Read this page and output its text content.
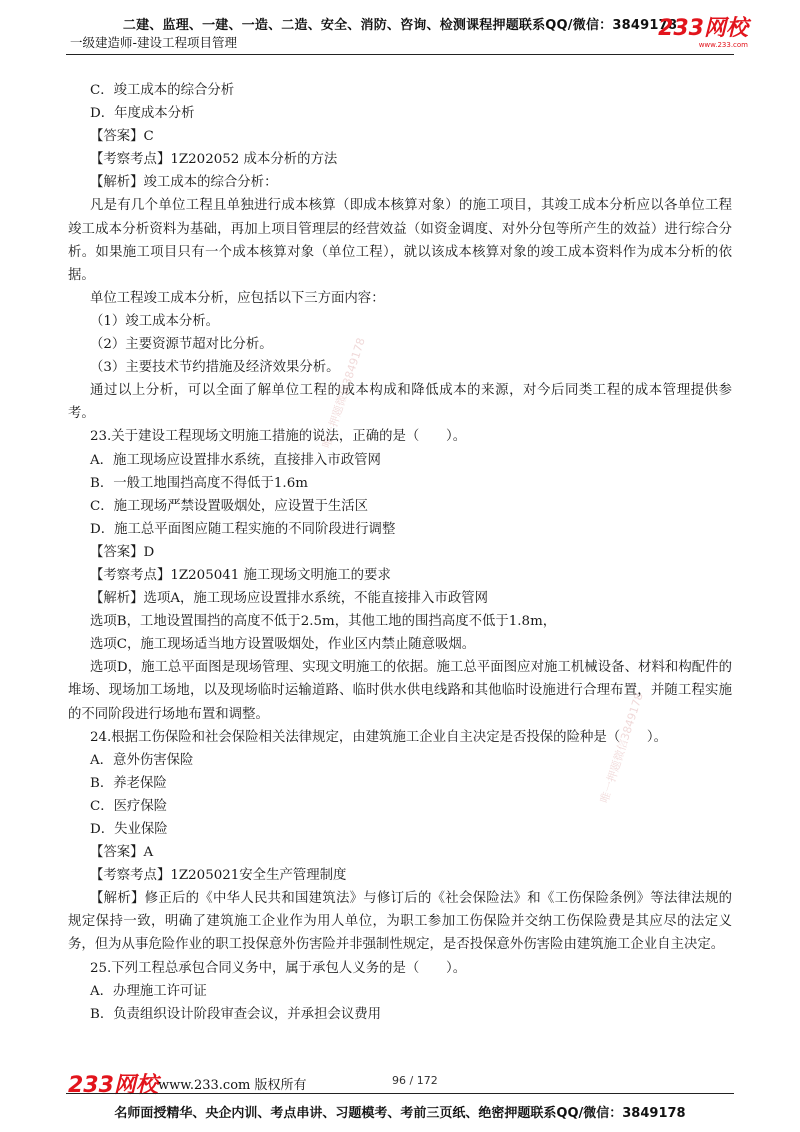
二建、监理、一建、一造、二造、安全、消防、咨询、检测课程押题联系QQ/微信：3849178
一级建造师-建设工程项目管理
233网校
www.233.com

C．竣工成本的综合分析

D．年度成本分析

【答案】C

【考察考点】1Z202052 成本分析的方法

【解析】竣工成本的综合分析：

凡是有几个单位工程且单独进行成本核算（即成本核算对象）的施工项目，其竣工成本分析应以各单位工程竣工成本分析资料为基础，再加上项目管理层的经营效益（如资金调度、对外分包等所产生的效益）进行综合分析。如果施工项目只有一个成本核算对象（单位工程），就以该成本核算对象的竣工成本资料作为成本分析的依据。

单位工程竣工成本分析，应包括以下三方面内容：

（1）竣工成本分析。

（2）主要资源节超对比分析。

（3）主要技术节约措施及经济效果分析。

通过以上分析，可以全面了解单位工程的成本构成和降低成本的来源，对今后同类工程的成本管理提供参考。

23.关于建设工程现场文明施工措施的说法，正确的是（　　）。

A．施工现场应设置排水系统，直接排入市政管网

B．一般工地围挡高度不得低于1.6m

C．施工现场严禁设置吸烟处，应设置于生活区

D．施工总平面图应随工程实施的不同阶段进行调整

【答案】D

【考察考点】1Z205041 施工现场文明施工的要求

【解析】选项A，施工现场应设置排水系统，不能直接排入市政管网

选项B，工地设置围挡的高度不低于2.5m，其他工地的围挡高度不低于1.8m，

选项C，施工现场适当地方设置吸烟处，作业区内禁止随意吸烟。

选项D，施工总平面图是现场管理、实现文明施工的依据。施工总平面图应对施工机械设备、材料和构配件的堆场、现场加工场地，以及现场临时运输道路、临时供水供电线路和其他临时设施进行合理布置，并随工程实施的不同阶段进行场地布置和调整。

24.根据工伤保险和社会保险相关法律规定，由建筑施工企业自主决定是否投保的险种是（　　）。

A．意外伤害保险

B．养老保险

C．医疗保险

D．失业保险

【答案】A

【考察考点】1Z205021安全生产管理制度

【解析】修正后的《中华人民共和国建筑法》与修订后的《社会保险法》和《工伤保险条例》等法律法规的规定保持一致，明确了建筑施工企业作为用人单位，为职工参加工伤保险并交纳工伤保险费是其应尽的法定义务，但为从事危险作业的职工投保意外伤害险并非强制性规定，是否投保意外伤害险由建筑施工企业自主决定。

25.下列工程总承包合同义务中，属于承包人义务的是（　　）。

A．办理施工许可证

B．负责组织设计阶段审查会议，并承担会议费用

唯一押题微信3849178
唯一押题微信3849178
233网校 www.233.com 版权所有	96 / 172
名师面授精华、央企内训、考点串讲、习题模考、考前三页纸、绝密押题联系QQ/微信：3849178
